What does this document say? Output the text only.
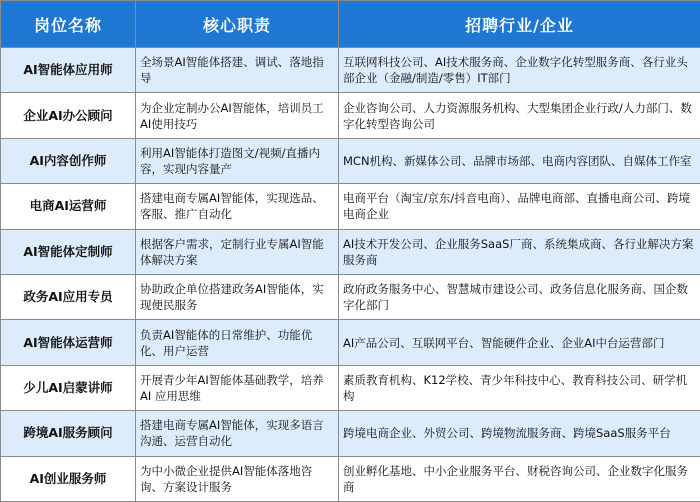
岗位名称	核心职责	招聘行业/企业
AI智能体应用师	全场景AI智能体搭建、调试、落地指导	互联网科技公司、AI技术服务商、企业数字化转型服务商、各行业头部企业（金融/制造/零售）IT部门
企业AI办公顾问	为企业定制办公AI智能体，培训员工AI使用技巧	企业咨询公司、人力资源服务机构、大型集团企业行政/人力部门、数字化转型咨询公司
AI内容创作师	利用AI智能体打造图文/视频/直播内容，实现内容量产	MCN机构、新媒体公司、品牌市场部、电商内容团队、自媒体工作室
电商AI运营师	搭建电商专属AI智能体，实现选品、客服、推广自动化	电商平台（淘宝/京东/抖音电商）、品牌电商部、直播电商公司、跨境电商企业
AI智能体定制师	根据客户需求，定制行业专属AI智能体解决方案	AI技术开发公司、企业服务SaaS厂商、系统集成商、各行业解决方案服务商
政务AI应用专员	协助政企单位搭建政务AI智能体，实现便民服务	政府政务服务中心、智慧城市建设公司、政务信息化服务商、国企数字化部门
AI智能体运营师	负责AI智能体的日常维护、功能优化、用户运营	AI产品公司、互联网平台、智能硬件企业、企业AI中台运营部门
少儿AI启蒙讲师	开展青少年AI智能体基础教学，培养 AI 应用思维	素质教育机构、K12学校、青少年科技中心、教育科技公司、研学机构
跨境AI服务顾问	搭建电商专属AI智能体，实现多语言沟通、运营自动化	跨境电商企业、外贸公司、跨境物流服务商、跨境SaaS服务平台
AI创业服务师	为中小微企业提供AI智能体落地咨询、方案设计服务	创业孵化基地、中小企业服务平台、财税咨询公司、企业数字化服务商
